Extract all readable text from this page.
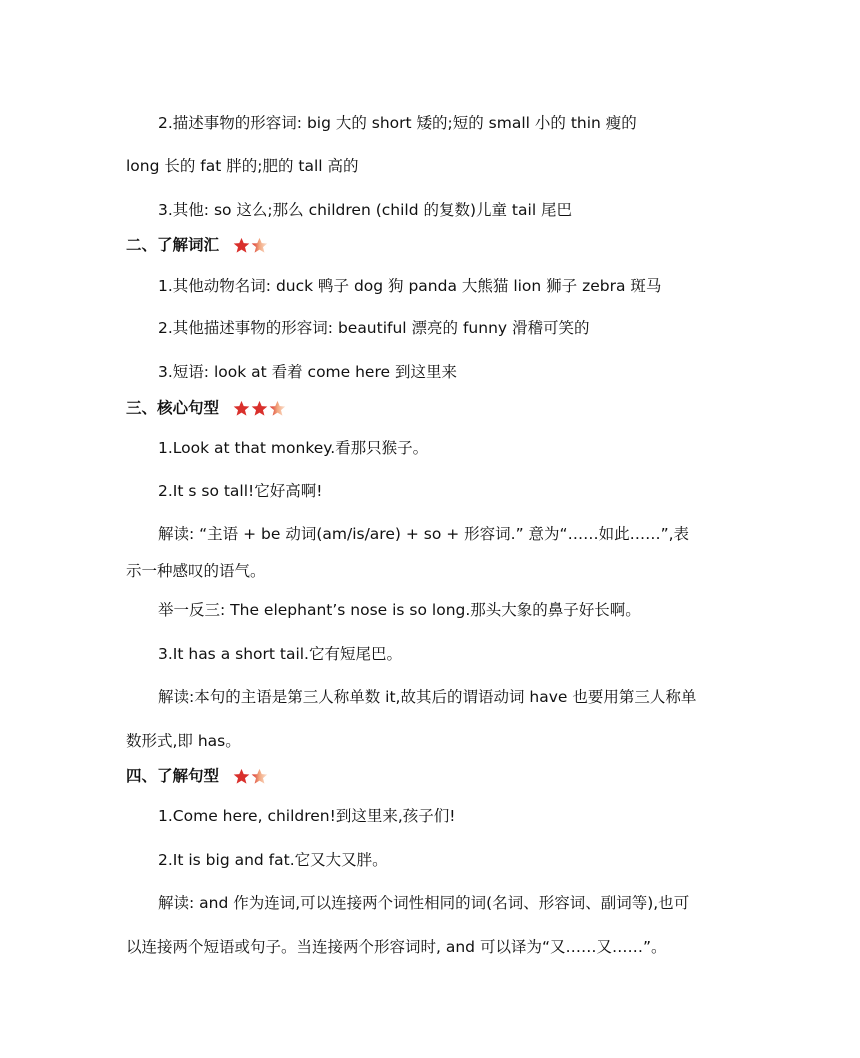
2.描述事物的形容词: big 大的 short 矮的;短的 small 小的 thin 瘦的
long 长的 fat 胖的;肥的 tall 高的
3.其他: so 这么;那么 children (child 的复数)儿童 tail 尾巴
二、了解词汇
1.其他动物名词: duck 鸭子 dog 狗 panda 大熊猫 lion 狮子 zebra 斑马
2.其他描述事物的形容词: beautiful 漂亮的 funny 滑稽可笑的
3.短语: look at 看着 come here 到这里来
三、核心句型
1.Look at that monkey.看那只猴子。
2.It s so tall!它好高啊!
解读: “主语 + be 动词(am/is/are) + so + 形容词.” 意为“……如此……”,表
示一种感叹的语气。
举一反三: The elephant’s nose is so long.那头大象的鼻子好长啊。
3.It has a short tail.它有短尾巴。
解读:本句的主语是第三人称单数 it,故其后的谓语动词 have 也要用第三人称单
数形式,即 has。
四、了解句型
1.Come here, children!到这里来,孩子们!
2.It is big and fat.它又大又胖。
解读: and 作为连词,可以连接两个词性相同的词(名词、形容词、副词等),也可
以连接两个短语或句子。当连接两个形容词时, and 可以译为“又……又……”。
